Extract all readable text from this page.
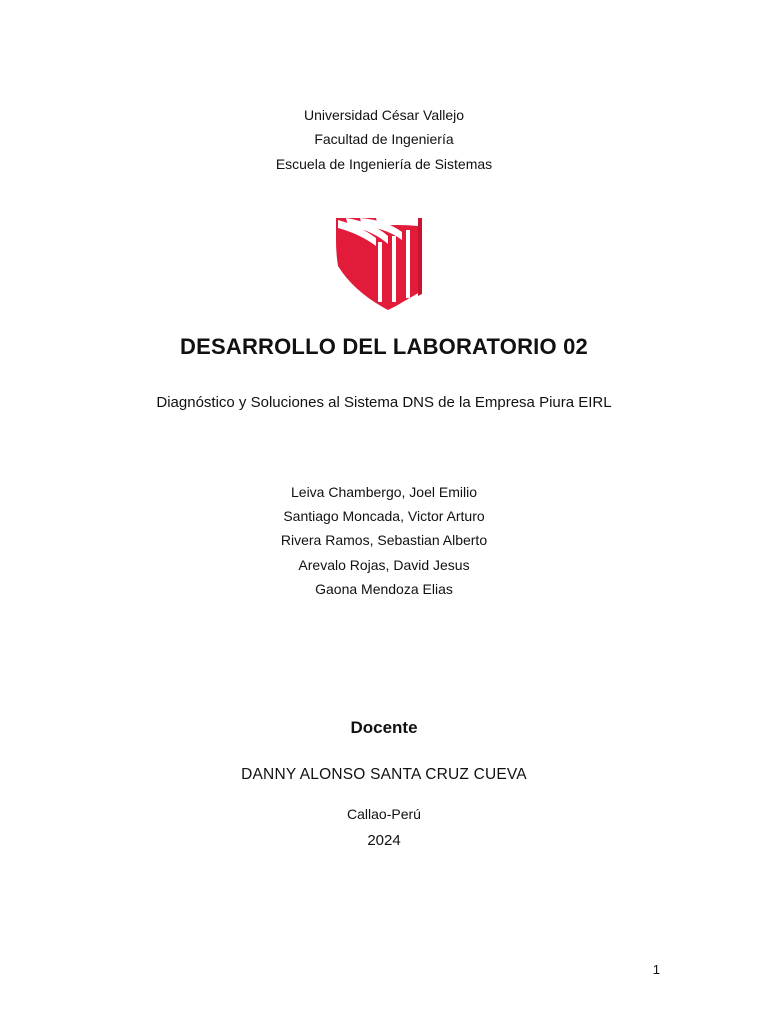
Universidad César Vallejo
Facultad de Ingeniería
Escuela de Ingeniería de Sistemas
DESARROLLO DEL LABORATORIO 02
Diagnóstico y Soluciones al Sistema DNS de la Empresa Piura EIRL
Leiva Chambergo, Joel Emilio
Santiago Moncada, Victor Arturo
Rivera Ramos, Sebastian Alberto
Arevalo Rojas, David Jesus
Gaona Mendoza Elias
Docente
DANNY ALONSO SANTA CRUZ CUEVA
Callao-Perú
2024
1
